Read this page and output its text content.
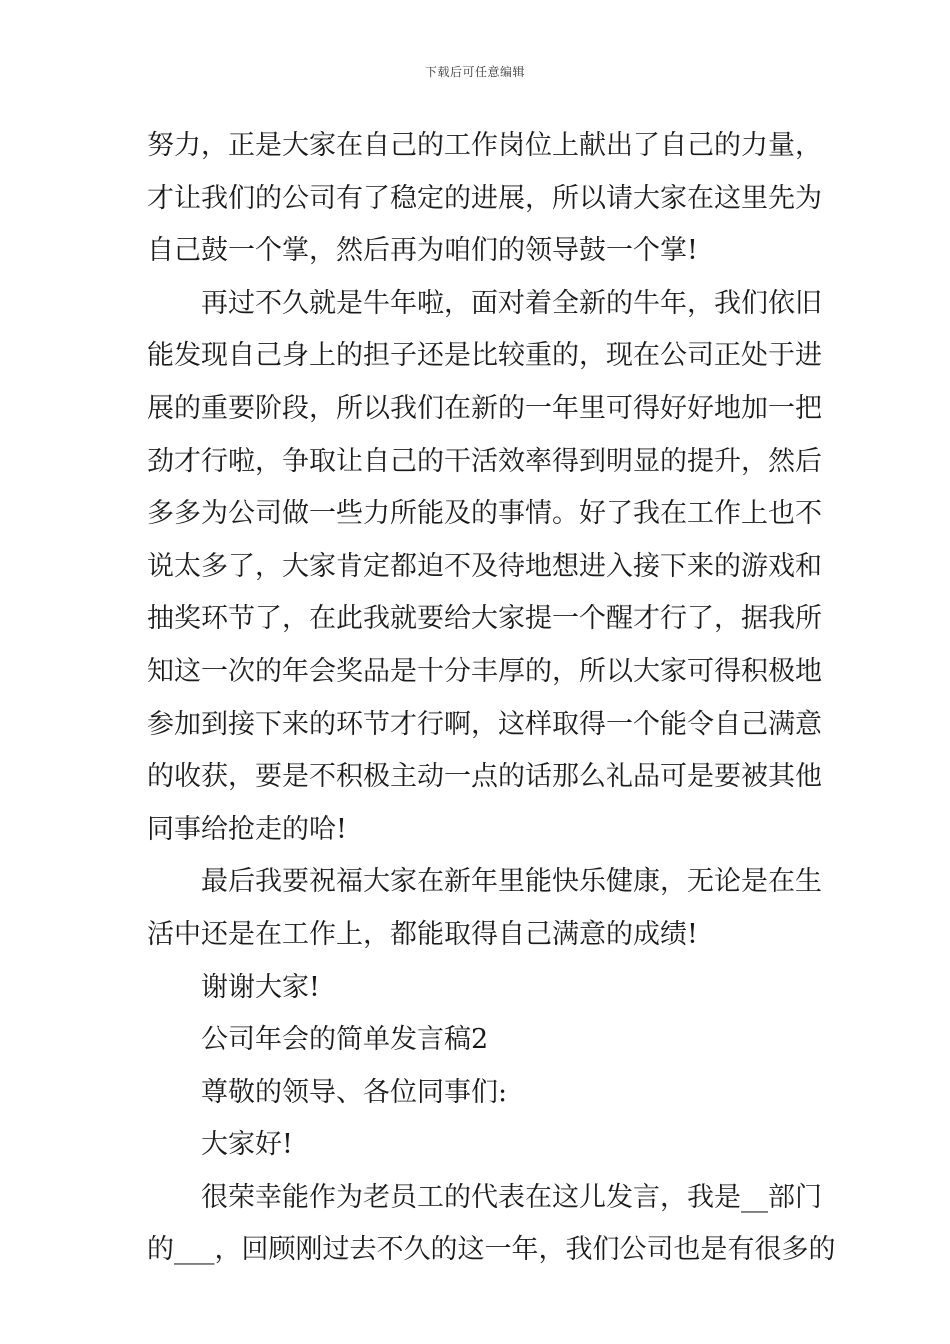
下载后可任意编辑
努力，正是大家在自己的工作岗位上献出了自己的力量，
才让我们的公司有了稳定的进展，所以请大家在这里先为
自己鼓一个掌，然后再为咱们的领导鼓一个掌!
再过不久就是牛年啦，面对着全新的牛年，我们依旧
能发现自己身上的担子还是比较重的，现在公司正处于进
展的重要阶段，所以我们在新的一年里可得好好地加一把
劲才行啦，争取让自己的干活效率得到明显的提升，然后
多多为公司做一些力所能及的事情。好了我在工作上也不
说太多了，大家肯定都迫不及待地想进入接下来的游戏和
抽奖环节了，在此我就要给大家提一个醒才行了，据我所
知这一次的年会奖品是十分丰厚的，所以大家可得积极地
参加到接下来的环节才行啊，这样取得一个能令自己满意
的收获，要是不积极主动一点的话那么礼品可是要被其他
同事给抢走的哈!
最后我要祝福大家在新年里能快乐健康，无论是在生
活中还是在工作上，都能取得自己满意的成绩!
谢谢大家!
公司年会的简单发言稿2
尊敬的领导、各位同事们:
大家好!
很荣幸能作为老员工的代表在这儿发言，我是__部门
的___，回顾刚过去不久的这一年，我们公司也是有很多的
